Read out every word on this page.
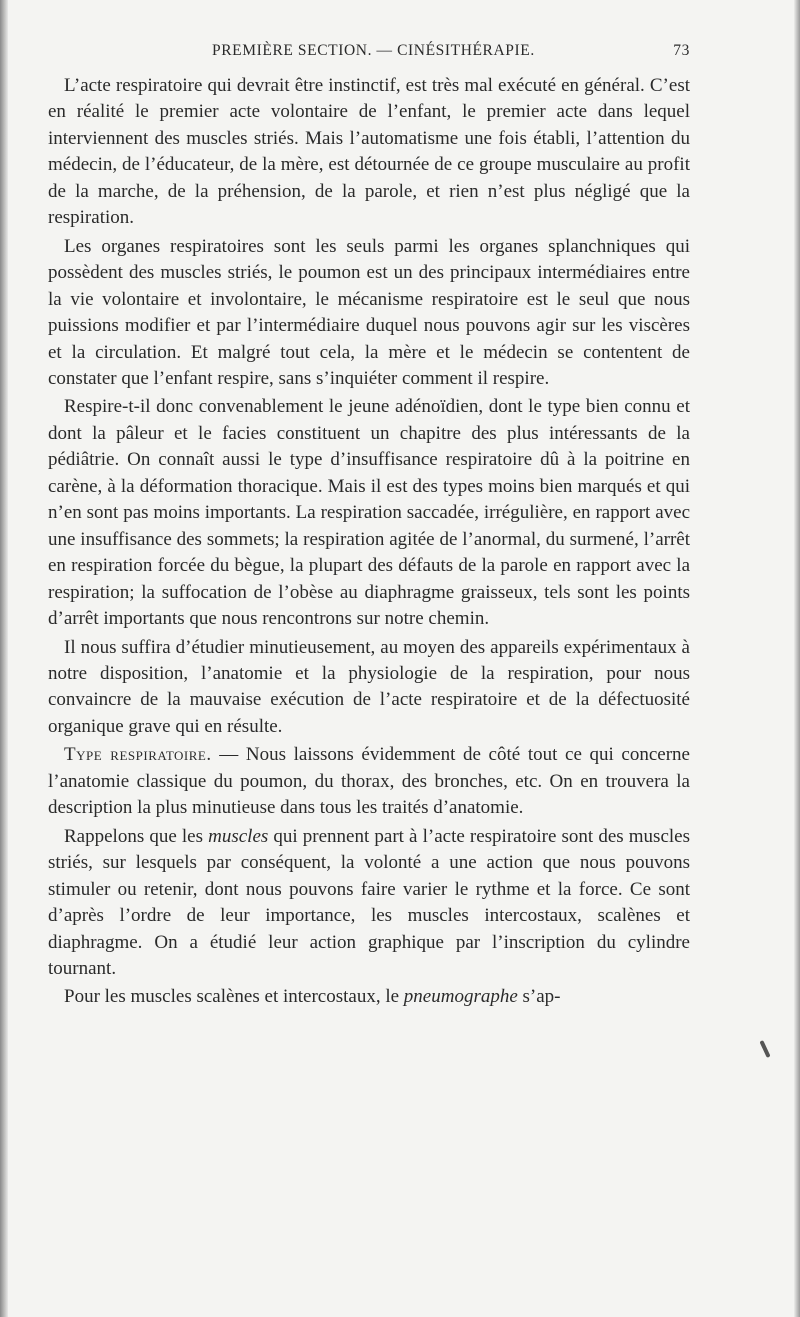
PREMIÈRE SECTION. — CINÉSITHÉRAPIE.	73

L’acte respiratoire qui devrait être instinctif, est très mal exécuté en général. C’est en réalité le premier acte volontaire de l’enfant, le premier acte dans lequel interviennent des muscles striés. Mais l’automatisme une fois établi, l’attention du médecin, de l’éducateur, de la mère, est détournée de ce groupe musculaire au profit de la marche, de la préhension, de la parole, et rien n’est plus négligé que la respiration.

Les organes respiratoires sont les seuls parmi les organes splanchniques qui possèdent des muscles striés, le poumon est un des principaux intermédiaires entre la vie volontaire et involontaire, le mécanisme respiratoire est le seul que nous puissions modifier et par l’intermédiaire duquel nous pouvons agir sur les viscères et la circulation. Et malgré tout cela, la mère et le médecin se contentent de constater que l’enfant respire, sans s’inquiéter comment il respire.

Respire-t-il donc convenablement le jeune adénoïdien, dont le type bien connu et dont la pâleur et le facies constituent un chapitre des plus intéressants de la pédiâtrie. On connaît aussi le type d’insuffisance respiratoire dû à la poitrine en carène, à la déformation thoracique. Mais il est des types moins bien marqués et qui n’en sont pas moins importants. La respiration saccadée, irrégulière, en rapport avec une insuffisance des sommets; la respiration agitée de l’anormal, du surmené, l’arrêt en respiration forcée du bègue, la plupart des défauts de la parole en rapport avec la respiration; la suffocation de l’obèse au diaphragme graisseux, tels sont les points d’arrêt importants que nous rencontrons sur notre chemin.

Il nous suffira d’étudier minutieusement, au moyen des appareils expérimentaux à notre disposition, l’anatomie et la physiologie de la respiration, pour nous convaincre de la mauvaise exécution de l’acte respiratoire et de la défectuosité organique grave qui en résulte.

Type respiratoire. — Nous laissons évidemment de côté tout ce qui concerne l’anatomie classique du poumon, du thorax, des bronches, etc. On en trouvera la description la plus minutieuse dans tous les traités d’anatomie.

Rappelons que les muscles qui prennent part à l’acte respiratoire sont des muscles striés, sur lesquels par conséquent, la volonté a une action que nous pouvons stimuler ou retenir, dont nous pouvons faire varier le rythme et la force. Ce sont d’après l’ordre de leur importance, les muscles intercostaux, scalènes et diaphragme. On a étudié leur action graphique par l’inscription du cylindre tournant.

Pour les muscles scalènes et intercostaux, le pneumographe s’ap-
